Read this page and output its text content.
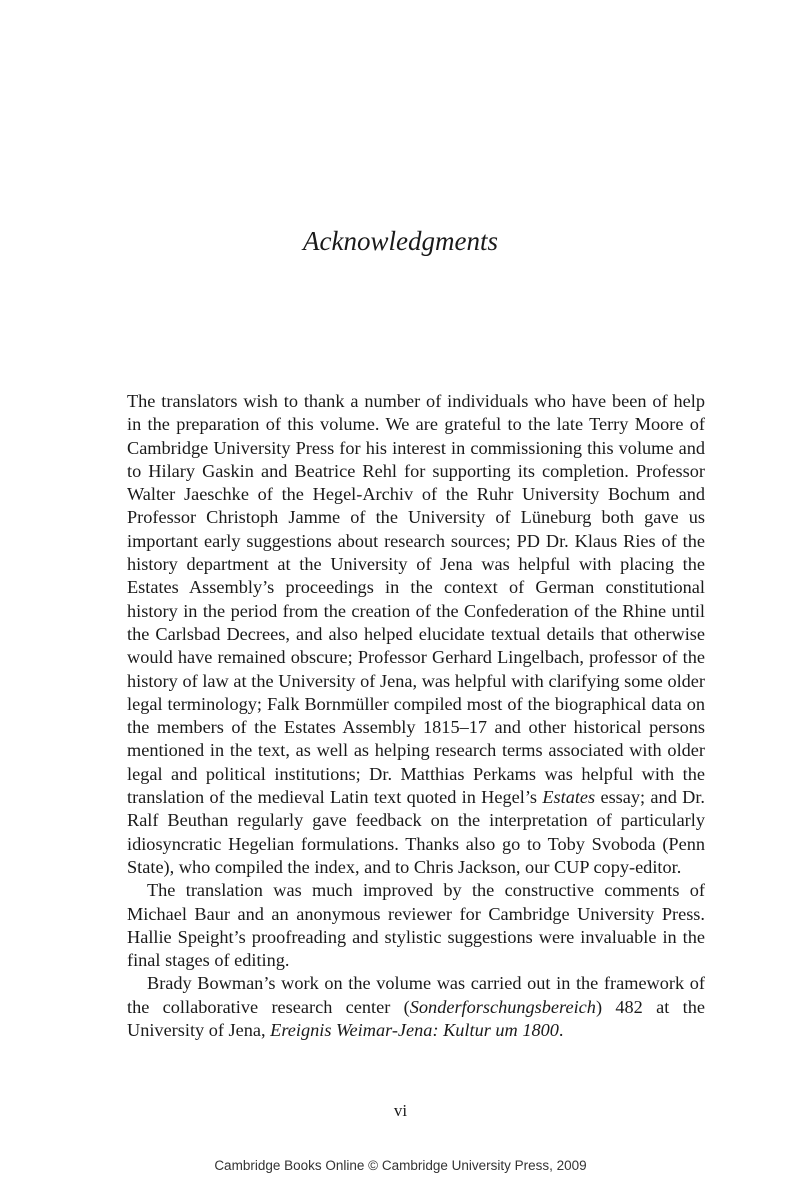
Acknowledgments

The translators wish to thank a number of individuals who have been of help in the preparation of this volume. We are grateful to the late Terry Moore of Cambridge University Press for his interest in commissioning this volume and to Hilary Gaskin and Beatrice Rehl for supporting its completion. Professor Walter Jaeschke of the Hegel-Archiv of the Ruhr University Bochum and Professor Christoph Jamme of the University of Lüneburg both gave us important early suggestions about research sources; PD Dr. Klaus Ries of the history department at the University of Jena was helpful with placing the Estates Assembly’s proceedings in the context of German constitutional history in the period from the creation of the Confederation of the Rhine until the Carlsbad Decrees, and also helped elucidate textual details that otherwise would have remained obscure; Professor Gerhard Lingelbach, professor of the history of law at the University of Jena, was helpful with clarifying some older legal terminology; Falk Bornmüller compiled most of the biographical data on the members of the Estates Assembly 1815–17 and other historical persons mentioned in the text, as well as helping research terms associated with older legal and political institutions; Dr. Matthias Perkams was helpful with the translation of the medieval Latin text quoted in Hegel’s Estates essay; and Dr. Ralf Beuthan regularly gave feedback on the interpretation of particularly idiosyncratic Hegelian formulations. Thanks also go to Toby Svoboda (Penn State), who compiled the index, and to Chris Jackson, our CUP copy-editor.

The translation was much improved by the constructive comments of Michael Baur and an anonymous reviewer for Cambridge University Press. Hallie Speight’s proofreading and stylistic suggestions were invaluable in the final stages of editing.

Brady Bowman’s work on the volume was carried out in the framework of the collaborative research center (Sonderforschungsbereich) 482 at the University of Jena, Ereignis Weimar-Jena: Kultur um 1800.

vi
Cambridge Books Online © Cambridge University Press, 2009
